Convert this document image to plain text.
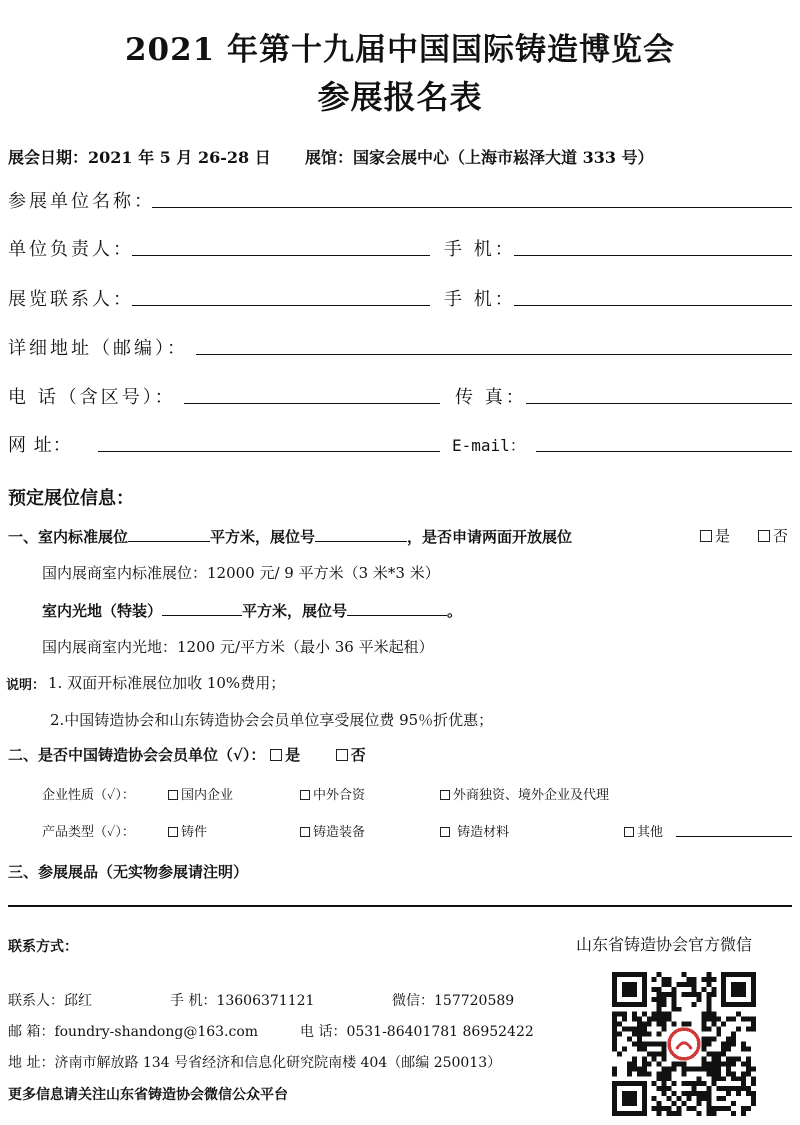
2021 年第十九届中国国际铸造博览会
参展报名表
展会日期：2021 年 5 月 26-28 日 展馆：国家会展中心（上海市崧泽大道 333 号）
参展单位名称：
单位负责人：	手 机：
展览联系人：	手 机：
详细地址（邮编）：
电 话（含区号）：	传 真：
网 址：	E-mail：
预定展位信息：
一、室内标准展位	平方米，展位号	，是否申请两面开放展位	是	否
国内展商室内标准展位：12000 元/ 9 平方米（3 米*3 米）
室内光地（特装）	平方米，展位号	。
国内展商室内光地：1200 元/平方米（最小 36 平米起租）
说明： 1. 双面开标准展位加收 10%费用；
2.中国铸造协会和山东铸造协会会员单位享受展位费 95％折优惠；
二、是否中国铸造协会会员单位（√）： 是	否
企业性质（✓）：	国内企业	中外合资	外商独资、境外企业及代理
产品类型（✓）：	铸件	铸造装备	铸造材料	其他
三、参展展品（无实物参展请注明）
联系方式：	山东省铸造协会官方微信
联系人：邱红	手 机：13606371121	微信：157720589
邮 箱：foundry-shandong@163.com	电 话：0531-86401781 86952422
地 址：济南市解放路 134 号省经济和信息化研究院南楼 404（邮编 250013）
更多信息请关注山东省铸造协会微信公众平台
